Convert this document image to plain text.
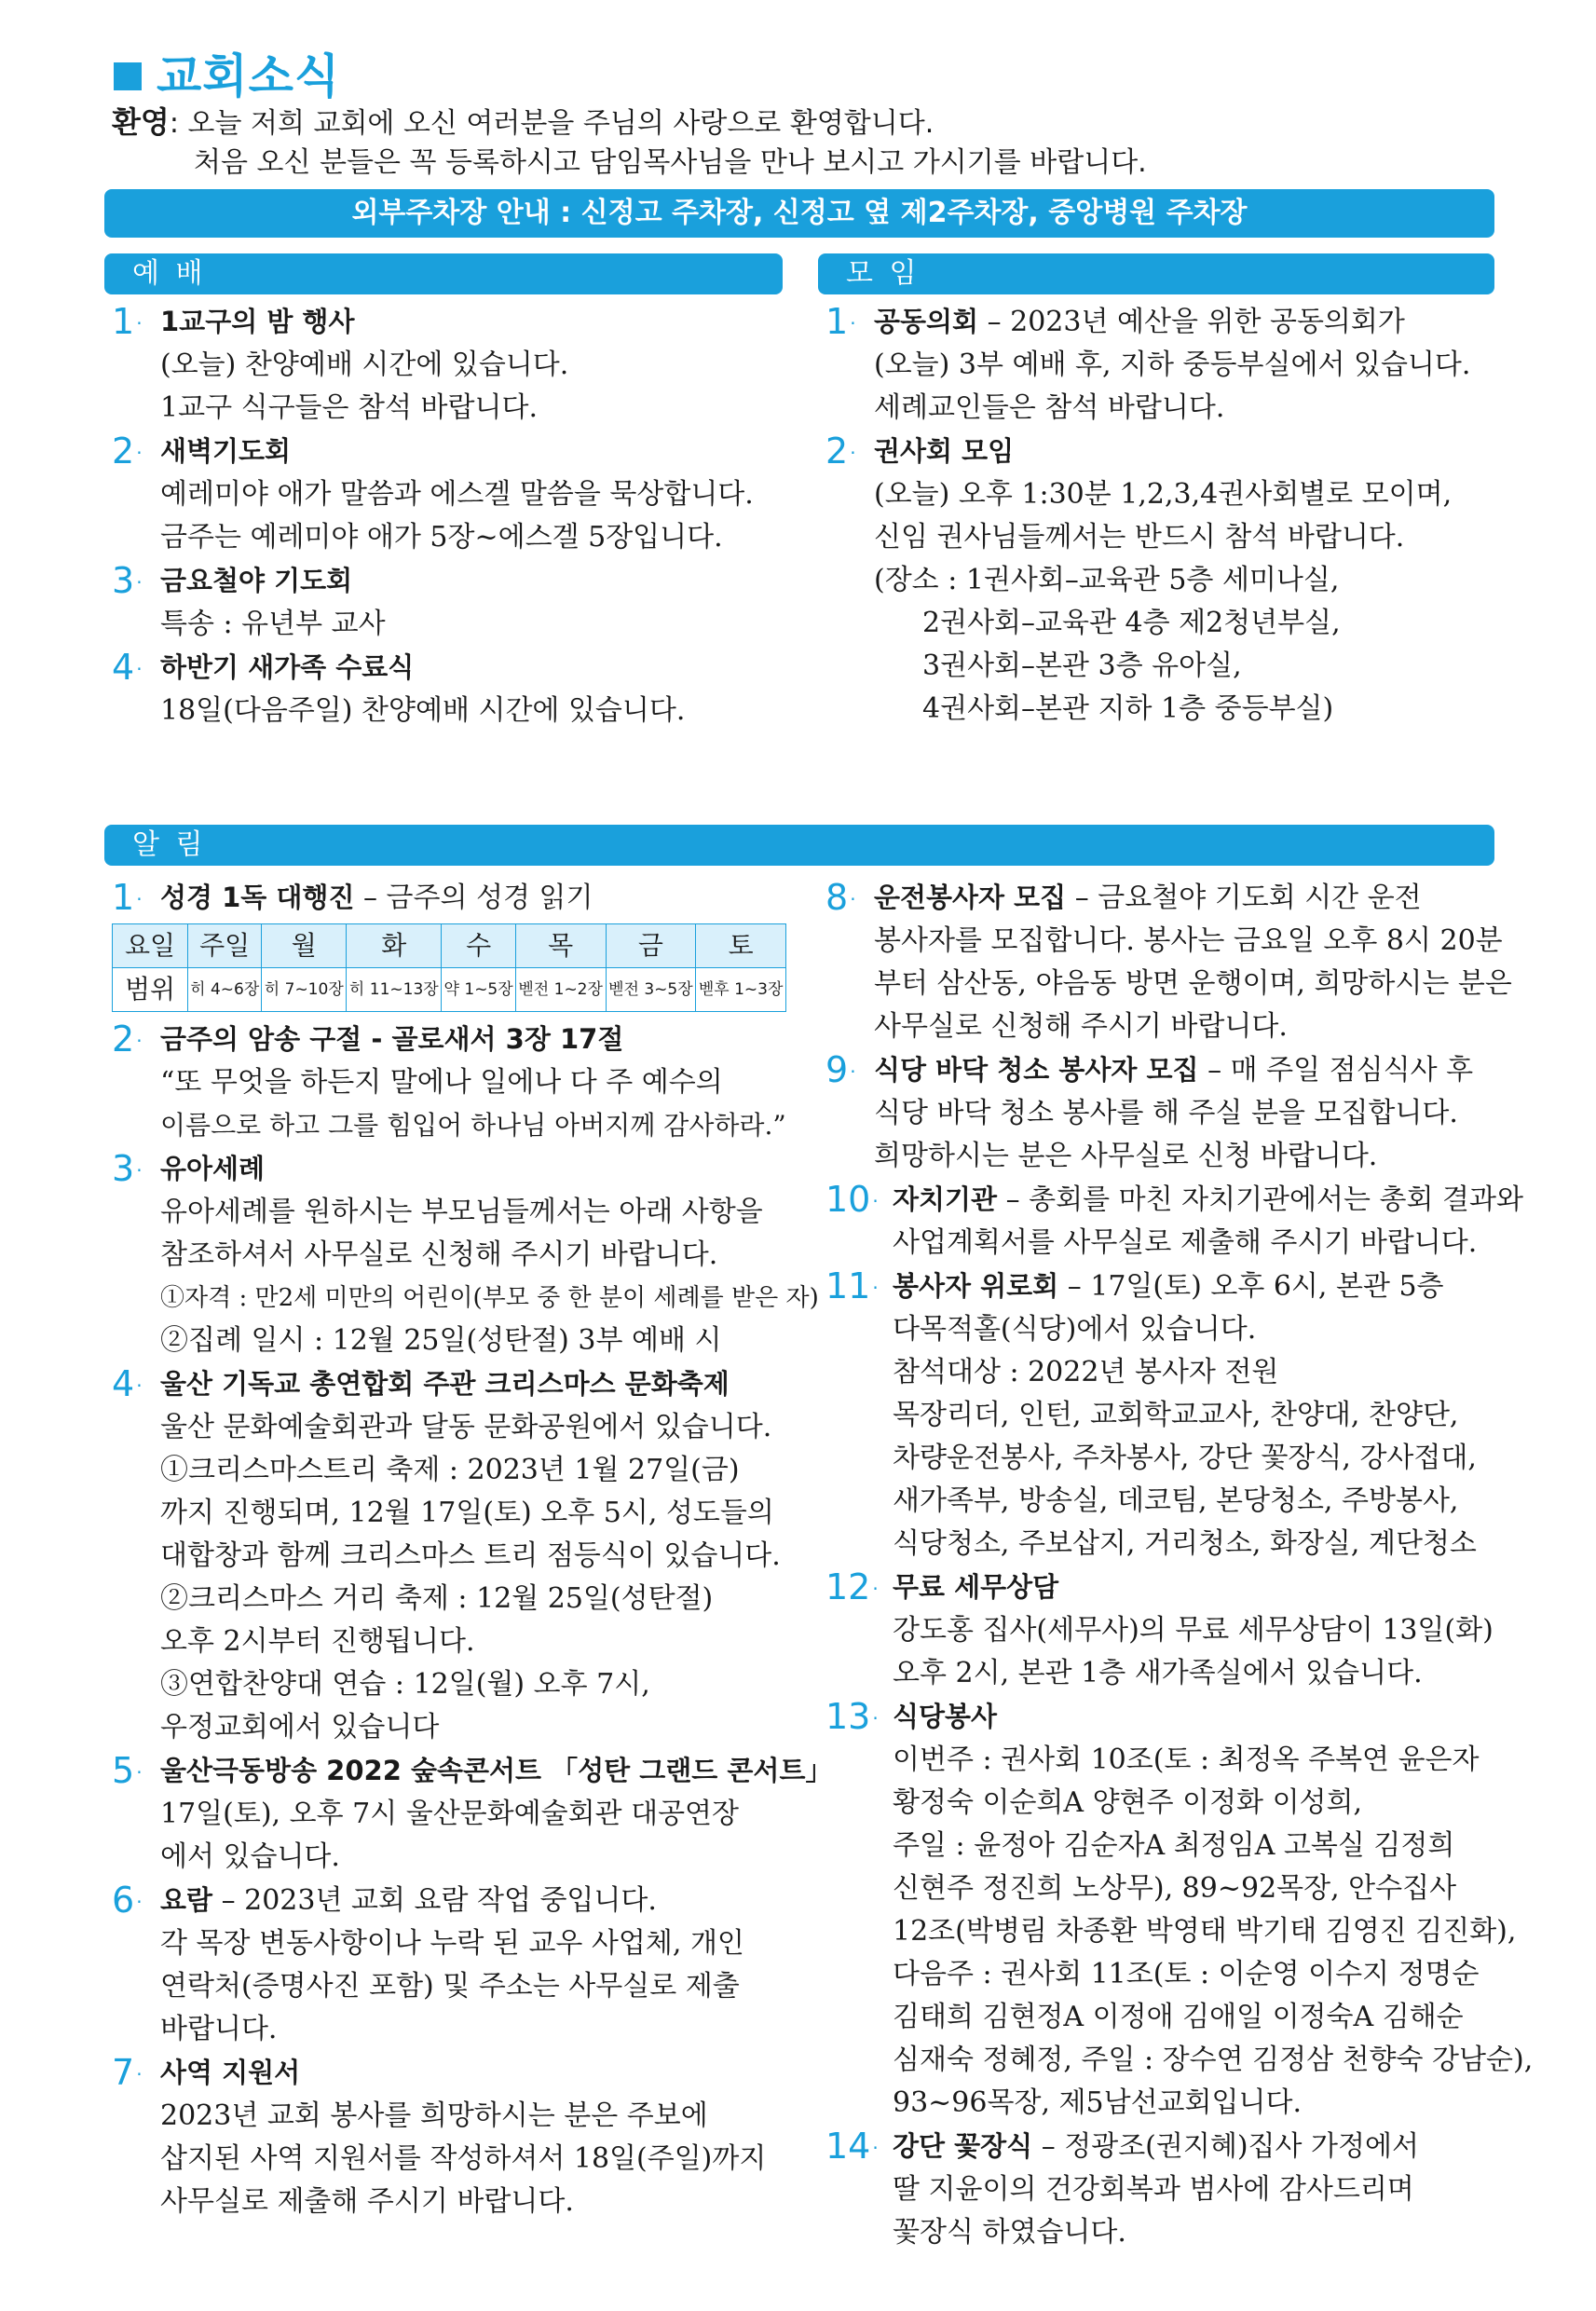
교회소식
환영: 오늘 저희 교회에 오신 여러분을 주님의 사랑으로 환영합니다.
처음 오신 분들은 꼭 등록하시고 담임목사님을 만나 보시고 가시기를 바랍니다.
외부주차장 안내 : 신정고 주차장, 신정고 옆 제2주차장, 중앙병원 주차장
예 배	모 임
알 림
1 · 1교구의 밤 행사
(오늘) 찬양예배 시간에 있습니다.
1교구 식구들은 참석 바랍니다.
2 · 새벽기도회
예레미야 애가 말씀과 에스겔 말씀을 묵상합니다.
금주는 예레미야 애가 5장~에스겔 5장입니다.
3 · 금요철야 기도회
특송 : 유년부 교사
4 · 하반기 새가족 수료식
18일(다음주일) 찬양예배 시간에 있습니다.
1 · 공동의회 – 2023년 예산을 위한 공동의회가
(오늘) 3부 예배 후, 지하 중등부실에서 있습니다.
세례교인들은 참석 바랍니다.
2 · 권사회 모임
(오늘) 오후 1:30분 1,2,3,4권사회별로 모이며,
신임 권사님들께서는 반드시 참석 바랍니다.
(장소 : 1권사회–교육관 5층 세미나실,
2권사회–교육관 4층 제2청년부실,
3권사회–본관 3층 유아실,
4권사회–본관 지하 1층 중등부실)
1 · 성경 1독 대행진 – 금주의 성경 읽기
요일	주일	월	화	수	목	금	토
범위	히 4~6장	히 7~10장	히 11~13장	약 1~5장	벧전 1~2장	벧전 3~5장	벧후 1~3장
2 · 금주의 암송 구절 - 골로새서 3장 17절
“또 무엇을 하든지 말에나 일에나 다 주 예수의
이름으로 하고 그를 힘입어 하나님 아버지께 감사하라.”
3 · 유아세례
유아세례를 원하시는 부모님들께서는 아래 사항을
참조하셔서 사무실로 신청해 주시기 바랍니다.
①자격 : 만2세 미만의 어린이(부모 중 한 분이 세례를 받은 자)
②집례 일시 : 12월 25일(성탄절) 3부 예배 시
4 · 울산 기독교 총연합회 주관 크리스마스 문화축제
울산 문화예술회관과 달동 문화공원에서 있습니다.
①크리스마스트리 축제 : 2023년 1월 27일(금)
까지 진행되며, 12월 17일(토) 오후 5시, 성도들의
대합창과 함께 크리스마스 트리 점등식이 있습니다.
②크리스마스 거리 축제 : 12월 25일(성탄절)
오후 2시부터 진행됩니다.
③연합찬양대 연습 : 12일(월) 오후 7시,
우정교회에서 있습니다
5 · 울산극동방송 2022 숲속콘서트 「성탄 그랜드 콘서트」
17일(토), 오후 7시 울산문화예술회관 대공연장
에서 있습니다.
6 · 요람 – 2023년 교회 요람 작업 중입니다.
각 목장 변동사항이나 누락 된 교우 사업체, 개인
연락처(증명사진 포함) 및 주소는 사무실로 제출
바랍니다.
7 · 사역 지원서
2023년 교회 봉사를 희망하시는 분은 주보에
삽지된 사역 지원서를 작성하셔서 18일(주일)까지
사무실로 제출해 주시기 바랍니다.
8 · 운전봉사자 모집 – 금요철야 기도회 시간 운전
봉사자를 모집합니다. 봉사는 금요일 오후 8시 20분
부터 삼산동, 야음동 방면 운행이며, 희망하시는 분은
사무실로 신청해 주시기 바랍니다.
9 · 식당 바닥 청소 봉사자 모집 – 매 주일 점심식사 후
식당 바닥 청소 봉사를 해 주실 분을 모집합니다.
희망하시는 분은 사무실로 신청 바랍니다.
10 · 자치기관 – 총회를 마친 자치기관에서는 총회 결과와
사업계획서를 사무실로 제출해 주시기 바랍니다.
11 · 봉사자 위로회 – 17일(토) 오후 6시, 본관 5층
다목적홀(식당)에서 있습니다.
참석대상 : 2022년 봉사자 전원
목장리더, 인턴, 교회학교교사, 찬양대, 찬양단,
차량운전봉사, 주차봉사, 강단 꽃장식, 강사접대,
새가족부, 방송실, 데코팀, 본당청소, 주방봉사,
식당청소, 주보삽지, 거리청소, 화장실, 계단청소
12 · 무료 세무상담
강도홍 집사(세무사)의 무료 세무상담이 13일(화)
오후 2시, 본관 1층 새가족실에서 있습니다.
13 · 식당봉사
이번주 : 권사회 10조(토 : 최정옥 주복연 윤은자
황정숙 이순희A 양현주 이정화 이성희,
주일 : 윤정아 김순자A 최정임A 고복실 김정희
신현주 정진희 노상무), 89~92목장, 안수집사
12조(박병림 차종환 박영태 박기태 김영진 김진화),
다음주 : 권사회 11조(토 : 이순영 이수지 정명순
김태희 김현정A 이정애 김애일 이정숙A 김해순
심재숙 정혜정, 주일 : 장수연 김정삼 천향숙 강남순),
93~96목장, 제5남선교회입니다.
14 · 강단 꽃장식 – 정광조(권지혜)집사 가정에서
딸 지윤이의 건강회복과 범사에 감사드리며
꽃장식 하였습니다.
